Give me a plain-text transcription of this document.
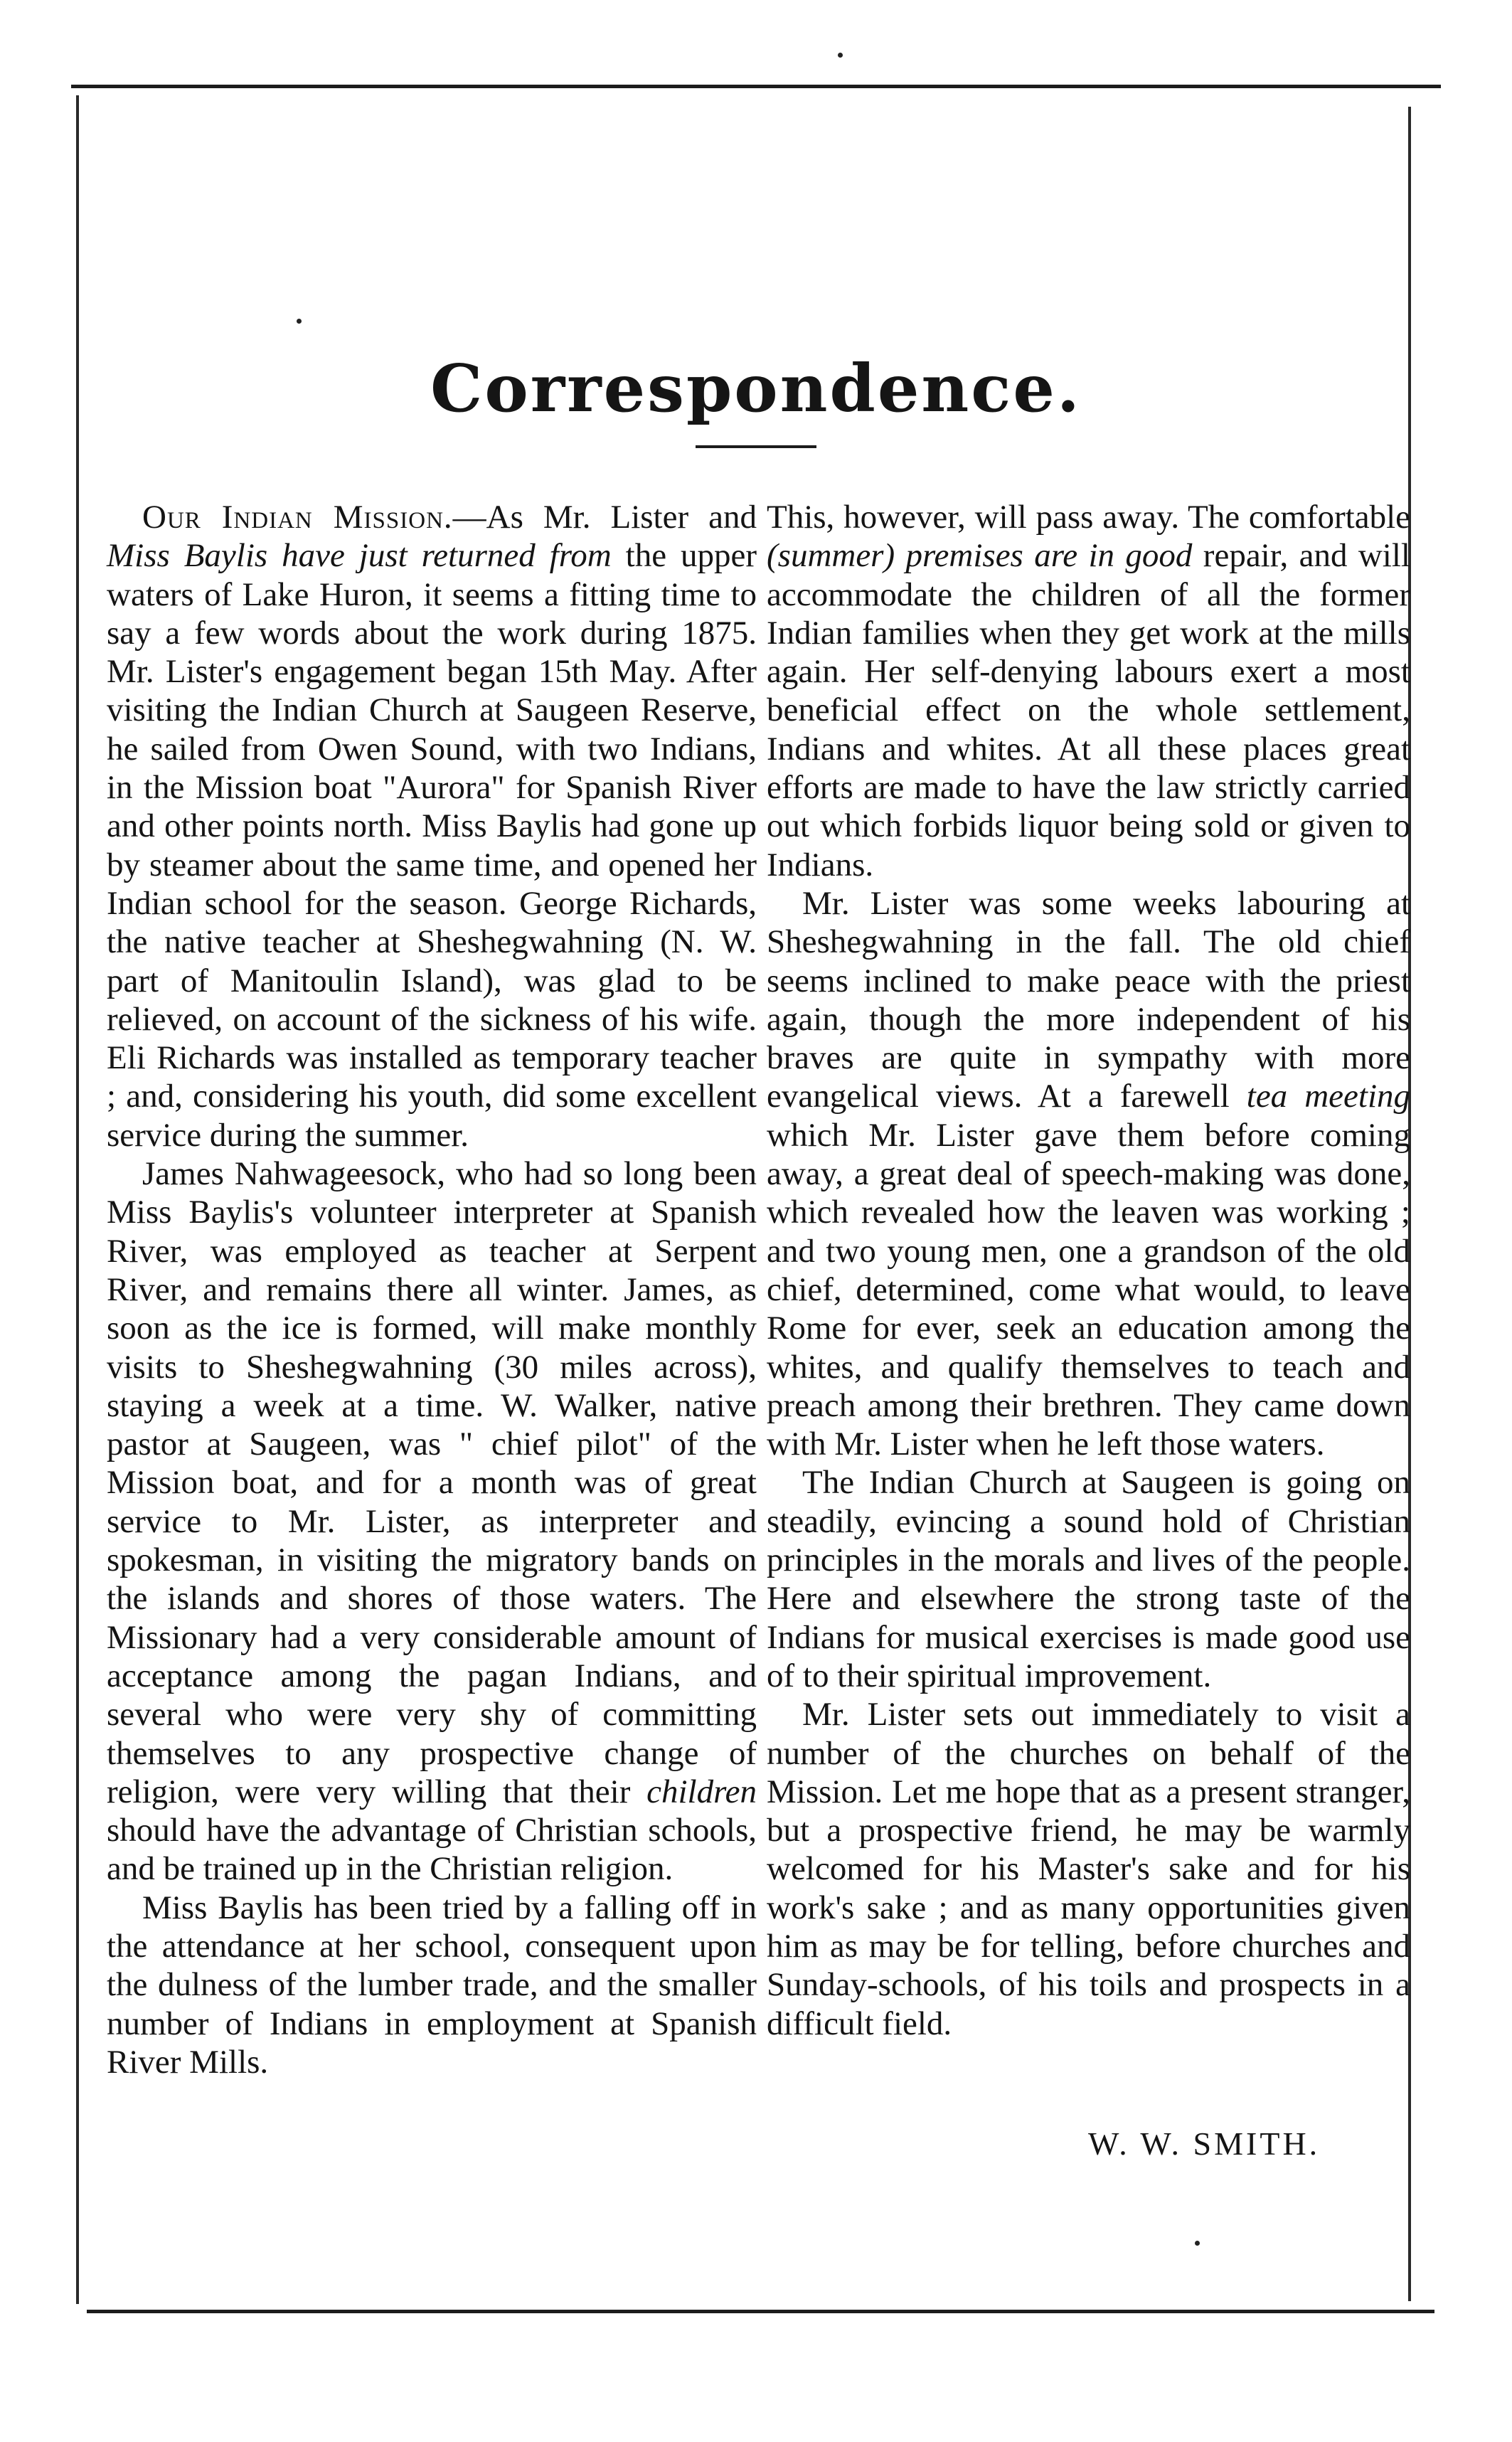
Correspondence.

Our Indian Mission.—As Mr. Lister and Miss Baylis have just returned from the upper waters of Lake Huron, it seems a fitting time to say a few words about the work during 1875. Mr. Lister's engagement began 15th May. After visiting the Indian Church at Saugeen Reserve, he sailed from Owen Sound, with two Indians, in the Mission boat "Aurora" for Spanish River and other points north. Miss Baylis had gone up by steamer about the same time, and opened her Indian school for the season. George Richards, the native teacher at Sheshegwahning (N. W. part of Manitoulin Island), was glad to be relieved, on account of the sickness of his wife. Eli Richards was installed as temporary teacher ; and, considering his youth, did some excellent service during the summer.

James Nahwageesock, who had so long been Miss Baylis's volunteer interpreter at Spanish River, was employed as teacher at Serpent River, and remains there all winter. James, as soon as the ice is formed, will make monthly visits to Sheshegwahning (30 miles across), staying a week at a time. W. Walker, native pastor at Saugeen, was " chief pilot" of the Mission boat, and for a month was of great service to Mr. Lister, as interpreter and spokesman, in visiting the migratory bands on the islands and shores of those waters. The Missionary had a very considerable amount of acceptance among the pagan Indians, and several who were very shy of committing themselves to any prospective change of religion, were very willing that their children should have the advantage of Christian schools, and be trained up in the Christian religion.

Miss Baylis has been tried by a falling off in the attendance at her school, consequent upon the dulness of the lumber trade, and the smaller number of Indians in employment at Spanish River Mills.

This, however, will pass away. The comfortable (summer) premises are in good repair, and will accommodate the children of all the former Indian families when they get work at the mills again. Her self-denying labours exert a most beneficial effect on the whole settlement, Indians and whites. At all these places great efforts are made to have the law strictly carried out which forbids liquor being sold or given to Indians.

Mr. Lister was some weeks labouring at Sheshegwahning in the fall. The old chief seems inclined to make peace with the priest again, though the more independent of his braves are quite in sympathy with more evangelical views. At a farewell tea meeting which Mr. Lister gave them before coming away, a great deal of speech-making was done, which revealed how the leaven was working ; and two young men, one a grandson of the old chief, determined, come what would, to leave Rome for ever, seek an education among the whites, and qualify themselves to teach and preach among their brethren. They came down with Mr. Lister when he left those waters.

The Indian Church at Saugeen is going on steadily, evincing a sound hold of Christian principles in the morals and lives of the people. Here and elsewhere the strong taste of the Indians for musical exercises is made good use of to their spiritual improvement.

Mr. Lister sets out immediately to visit a number of the churches on behalf of the Mission. Let me hope that as a present stranger, but a prospective friend, he may be warmly welcomed for his Master's sake and for his work's sake ; and as many opportunities given him as may be for telling, before churches and Sunday-schools, of his toils and prospects in a difficult field.

W. W. SMITH.
